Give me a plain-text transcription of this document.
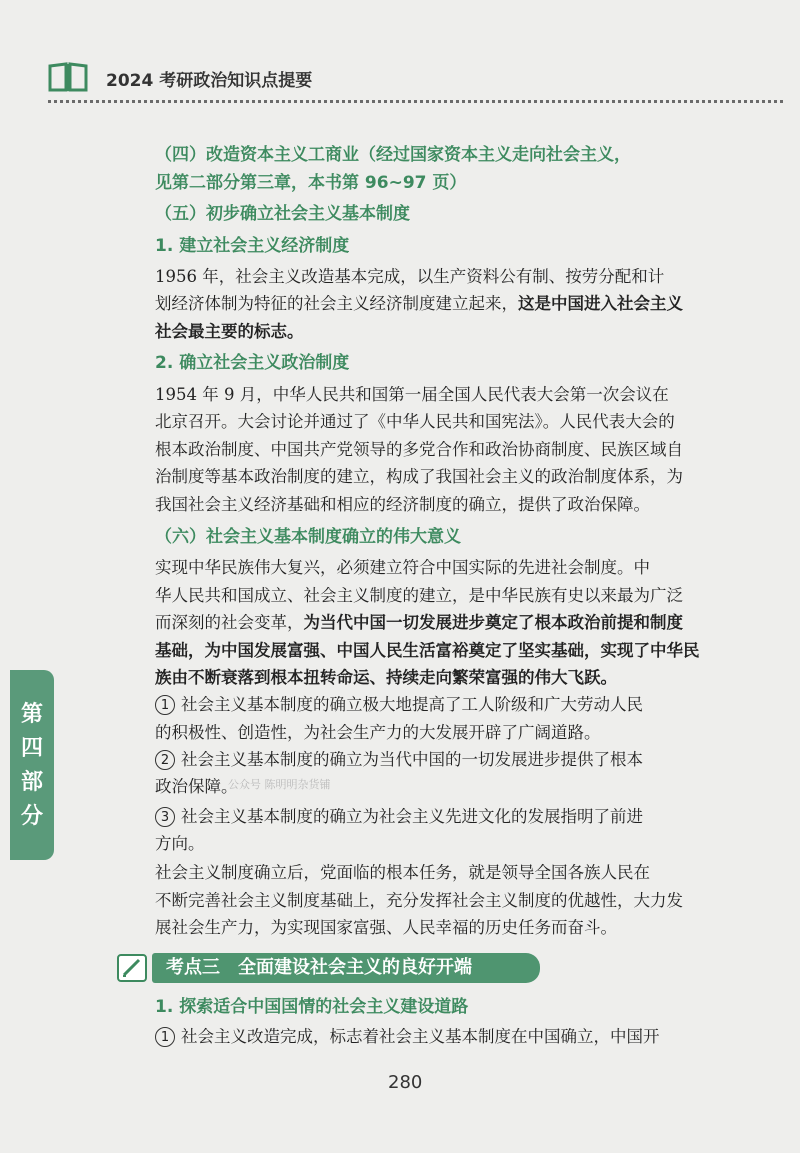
2024 考研政治知识点提要
第四部分
（四）改造资本主义工商业（经过国家资本主义走向社会主义，
见第二部分第三章，本书第 96~97 页）
（五）初步确立社会主义基本制度
1. 建立社会主义经济制度
1956 年，社会主义改造基本完成，以生产资料公有制、按劳分配和计
划经济体制为特征的社会主义经济制度建立起来，这是中国进入社会主义
社会最主要的标志。
2. 确立社会主义政治制度
1954 年 9 月，中华人民共和国第一届全国人民代表大会第一次会议在
北京召开。大会讨论并通过了《中华人民共和国宪法》。人民代表大会的
根本政治制度、中国共产党领导的多党合作和政治协商制度、民族区域自
治制度等基本政治制度的建立，构成了我国社会主义的政治制度体系，为
我国社会主义经济基础和相应的经济制度的确立，提供了政治保障。
（六）社会主义基本制度确立的伟大意义
实现中华民族伟大复兴，必须建立符合中国实际的先进社会制度。中
华人民共和国成立、社会主义制度的建立，是中华民族有史以来最为广泛
而深刻的社会变革，为当代中国一切发展进步奠定了根本政治前提和制度
基础，为中国发展富强、中国人民生活富裕奠定了坚实基础，实现了中华民
族由不断衰落到根本扭转命运、持续走向繁荣富强的伟大飞跃。
1 社会主义基本制度的确立极大地提高了工人阶级和广大劳动人民
的积极性、创造性，为社会生产力的大发展开辟了广阔道路。
2 社会主义基本制度的确立为当代中国的一切发展进步提供了根本
政治保障。
公众号 陈明明杂货铺
3 社会主义基本制度的确立为社会主义先进文化的发展指明了前进
方向。
社会主义制度确立后，党面临的根本任务，就是领导全国各族人民在
不断完善社会主义制度基础上，充分发挥社会主义制度的优越性，大力发
展社会生产力，为实现国家富强、人民幸福的历史任务而奋斗。
考点三　全面建设社会主义的良好开端
1. 探索适合中国国情的社会主义建设道路
1 社会主义改造完成，标志着社会主义基本制度在中国确立，中国开
280
